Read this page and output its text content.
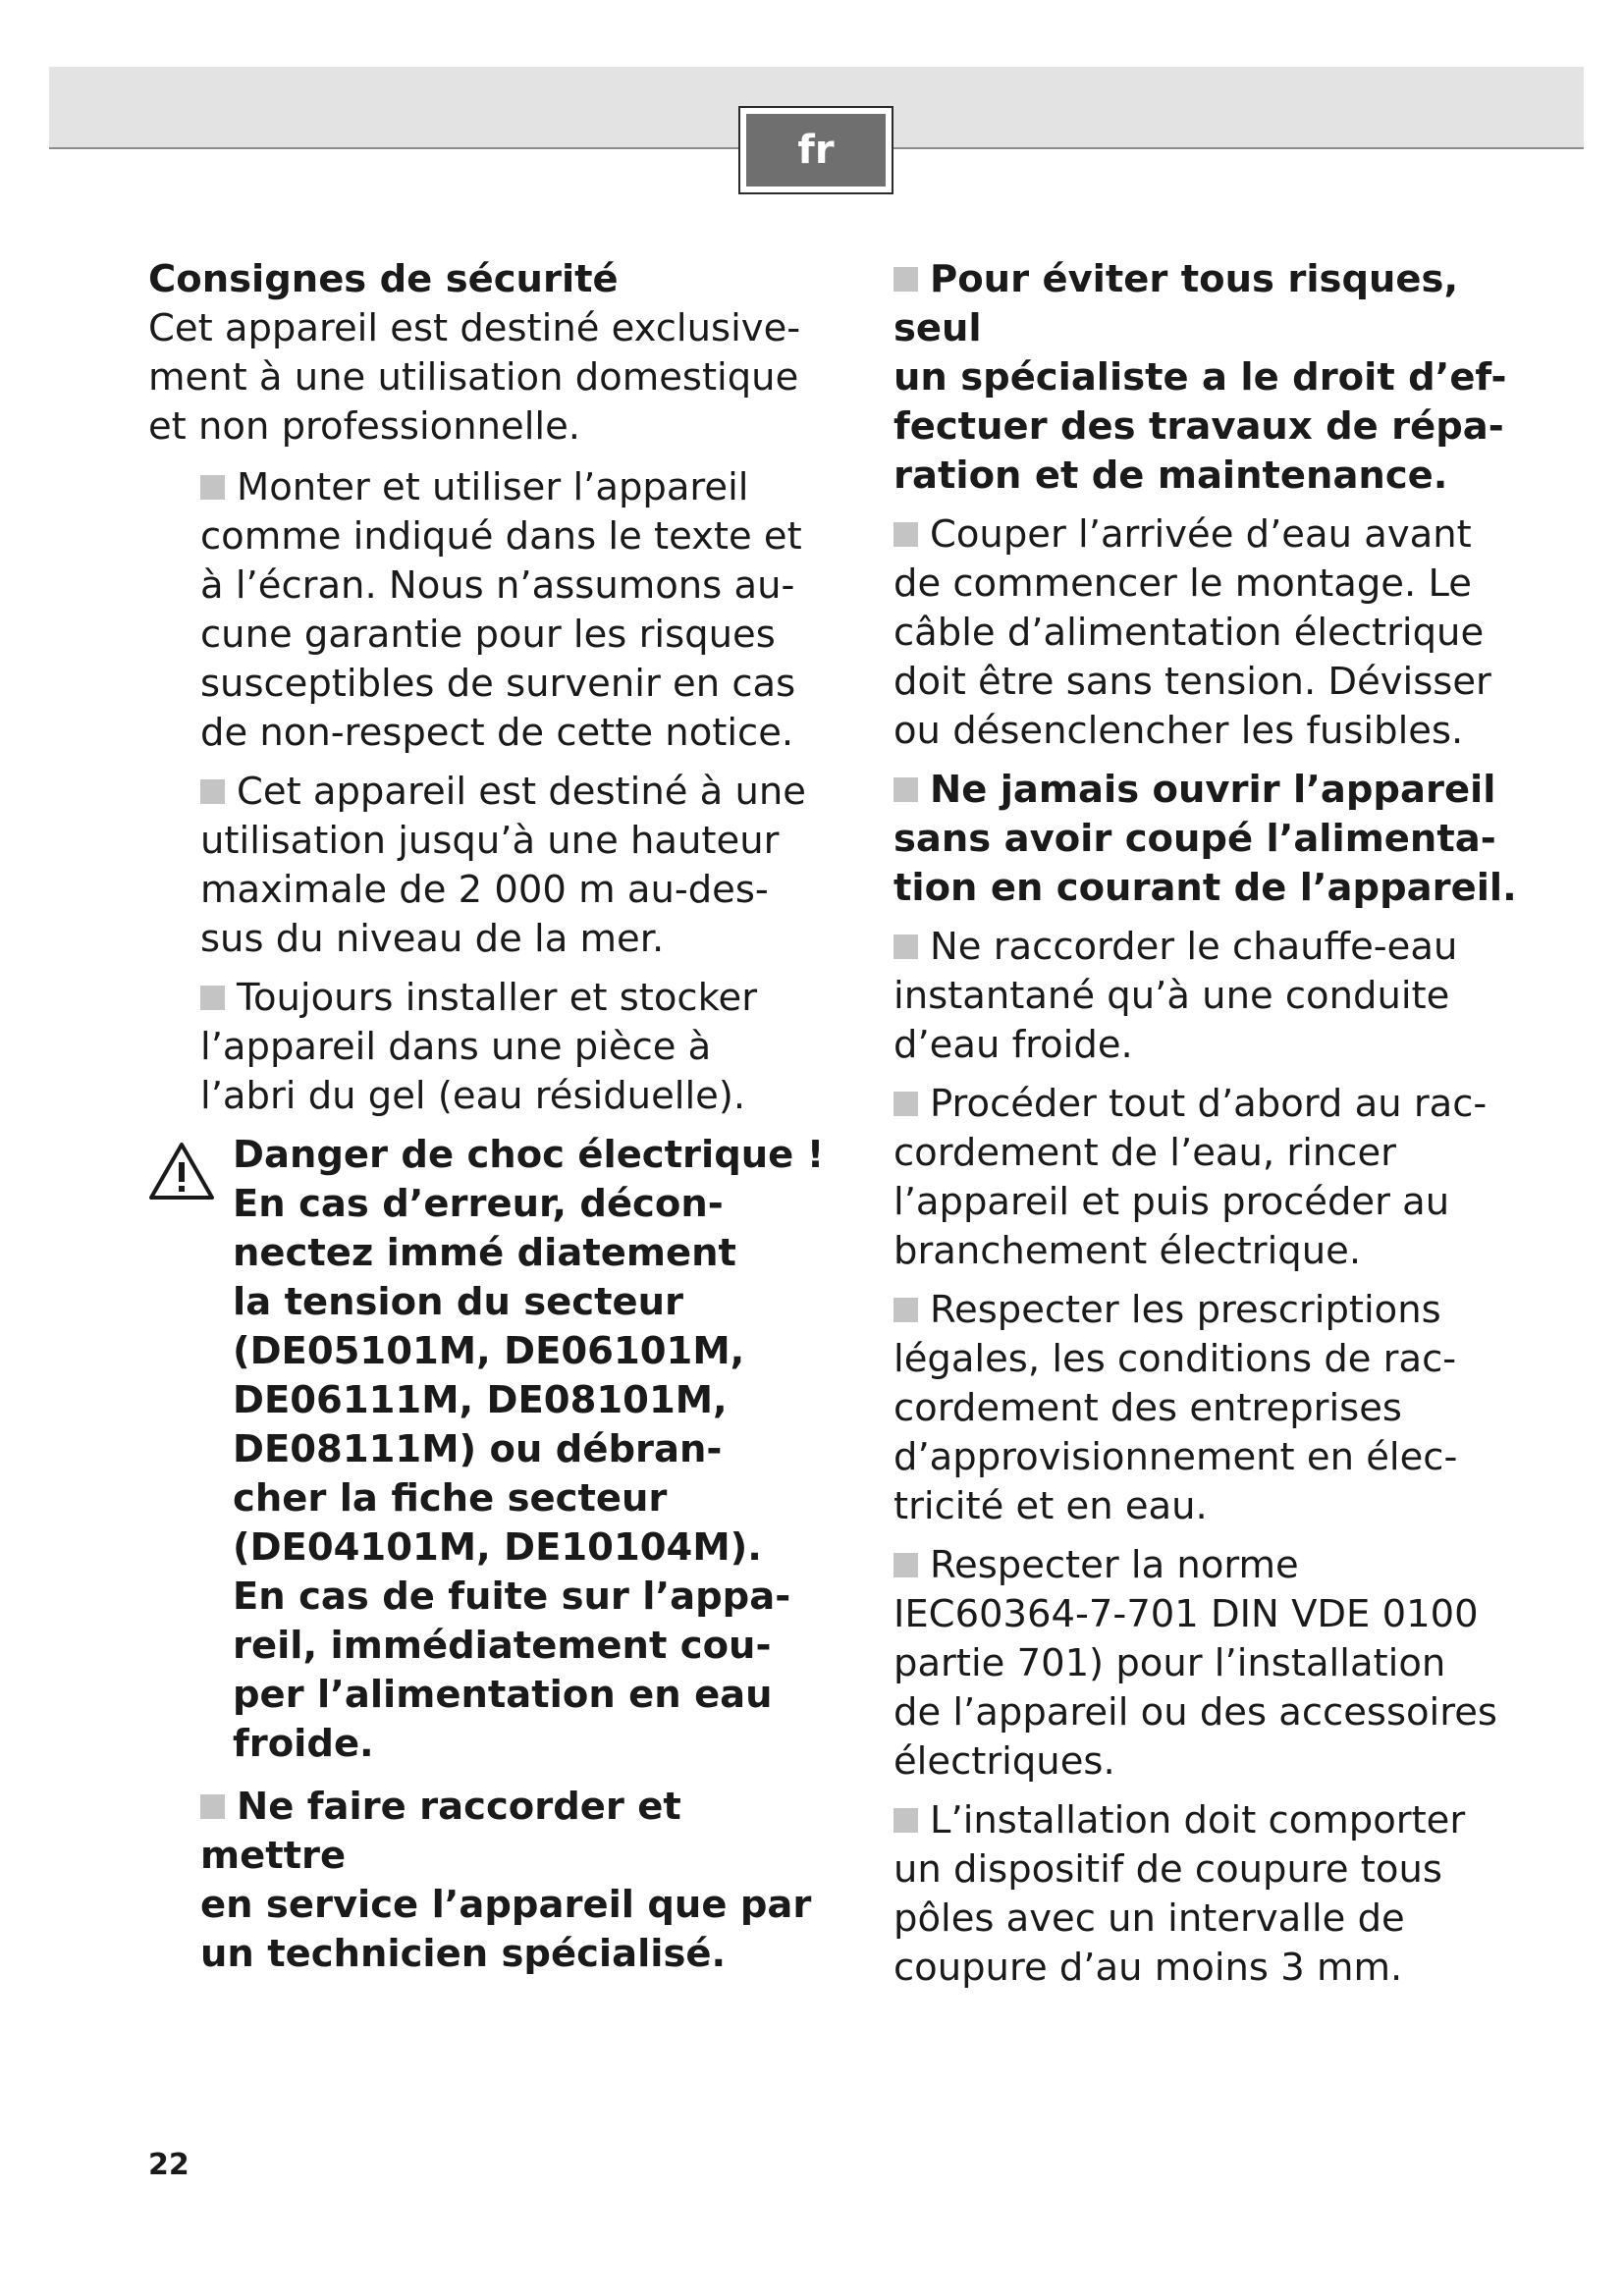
fr

Consignes de sécurité

Cet appareil est destiné exclusive-
ment à une utilisation domestique
et non professionnelle.

Monter et utiliser l’appareil
comme indiqué dans le texte et
à l’écran. Nous n’assumons au-
cune garantie pour les risques
susceptibles de survenir en cas
de non-respect de cette notice.

Cet appareil est destiné à une
utilisation jusqu’à une hauteur
maximale de 2 000 m au-des-
sus du niveau de la mer.

Toujours installer et stocker
l’appareil dans une pièce à
l’abri du gel (eau résiduelle).

Danger de choc électrique !
En cas d’erreur, décon-
nectez immé diatement
la tension du secteur
(DE05101M, DE06101M,
DE06111M, DE08101M,
DE08111M) ou débran-
cher la fiche secteur
(DE04101M, DE10104M).
En cas de fuite sur l’appa-
reil, immédiatement cou-
per l’alimentation en eau
froide.

Ne faire raccorder et mettre
en service l’appareil que par
un technicien spécialisé.

Pour éviter tous risques, seul
un spécialiste a le droit d’ef-
fectuer des travaux de répa-
ration et de maintenance.

Couper l’arrivée d’eau avant
de commencer le montage. Le
câble d’alimentation électrique
doit être sans tension. Dévisser
ou désenclencher les fusibles.

Ne jamais ouvrir l’appareil
sans avoir coupé l’alimenta-
tion en courant de l’appareil.

Ne raccorder le chauffe-eau
instantané qu’à une conduite
d’eau froide.

Procéder tout d’abord au rac-
cordement de l’eau, rincer
l’appareil et puis procéder au
branchement électrique.

Respecter les prescriptions
légales, les conditions de rac-
cordement des entreprises
d’approvisionnement en élec-
tricité et en eau.

Respecter la norme
IEC60364-7-701 DIN VDE 0100
partie 701) pour l’installation
de l’appareil ou des accessoires
électriques.

L’installation doit comporter
un dispositif de coupure tous
pôles avec un intervalle de
coupure d’au moins 3 mm.

22
